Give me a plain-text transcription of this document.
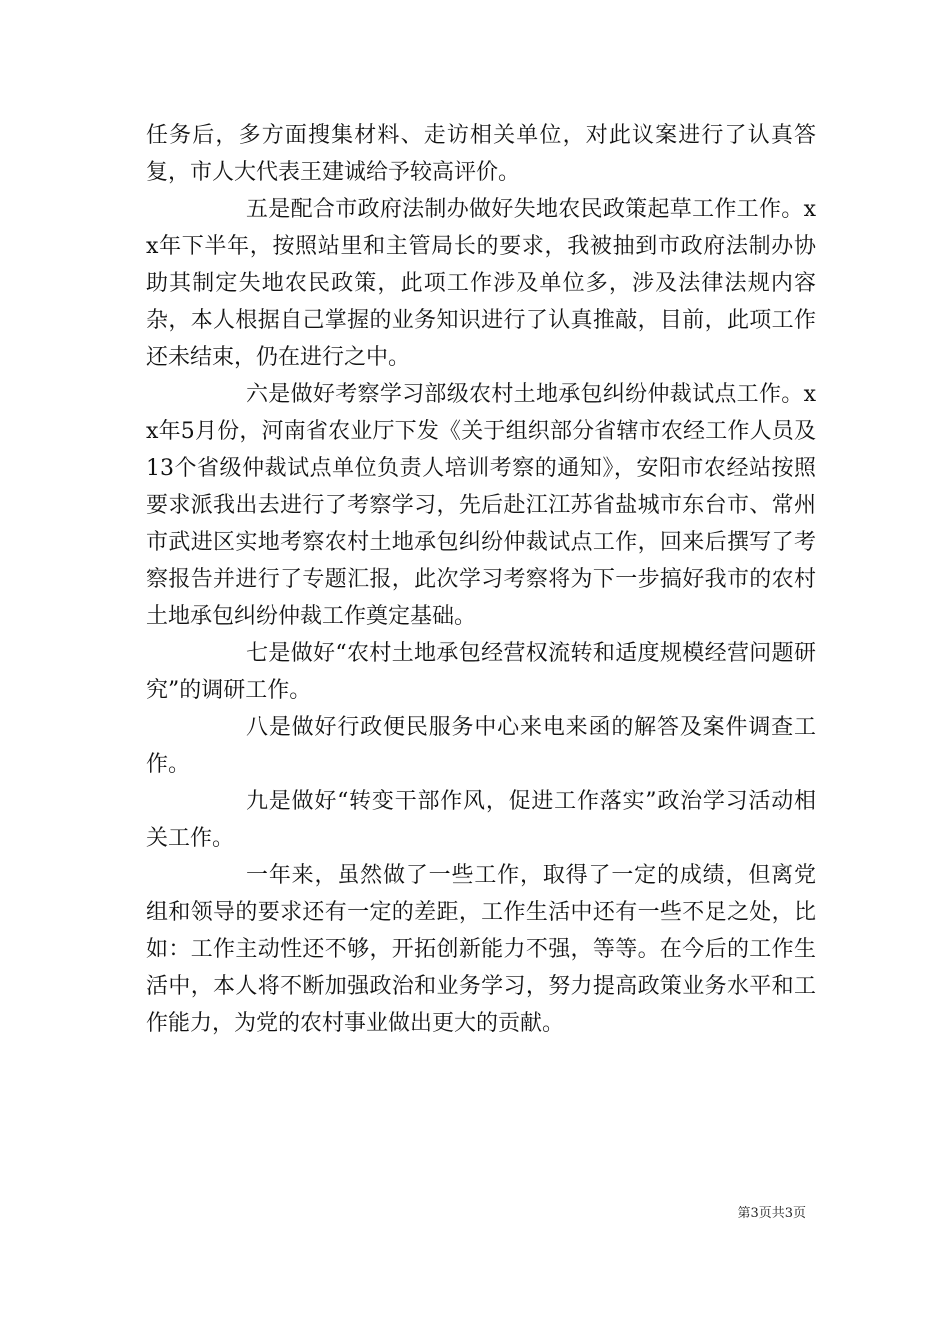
任务后，多方面搜集材料、走访相关单位，对此议案进行了认真答复，市人大代表王建诚给予较高评价。

五是配合市政府法制办做好失地农民政策起草工作工作。xx年下半年，按照站里和主管局长的要求，我被抽到市政府法制办协助其制定失地农民政策，此项工作涉及单位多，涉及法律法规内容杂，本人根据自己掌握的业务知识进行了认真推敲，目前，此项工作还未结束，仍在进行之中。

六是做好考察学习部级农村土地承包纠纷仲裁试点工作。xx年5月份，河南省农业厅下发《关于组织部分省辖市农经工作人员及13个省级仲裁试点单位负责人培训考察的通知》，安阳市农经站按照要求派我出去进行了考察学习，先后赴江江苏省盐城市东台市、常州市武进区实地考察农村土地承包纠纷仲裁试点工作，回来后撰写了考察报告并进行了专题汇报，此次学习考察将为下一步搞好我市的农村土地承包纠纷仲裁工作奠定基础。

七是做好“农村土地承包经营权流转和适度规模经营问题研究”的调研工作。

八是做好行政便民服务中心来电来函的解答及案件调查工作。

九是做好“转变干部作风，促进工作落实”政治学习活动相关工作。

一年来，虽然做了一些工作，取得了一定的成绩，但离党组和领导的要求还有一定的差距，工作生活中还有一些不足之处，比如：工作主动性还不够，开拓创新能力不强，等等。在今后的工作生活中，本人将不断加强政治和业务学习，努力提高政策业务水平和工作能力，为党的农村事业做出更大的贡献。

第3页共3页
